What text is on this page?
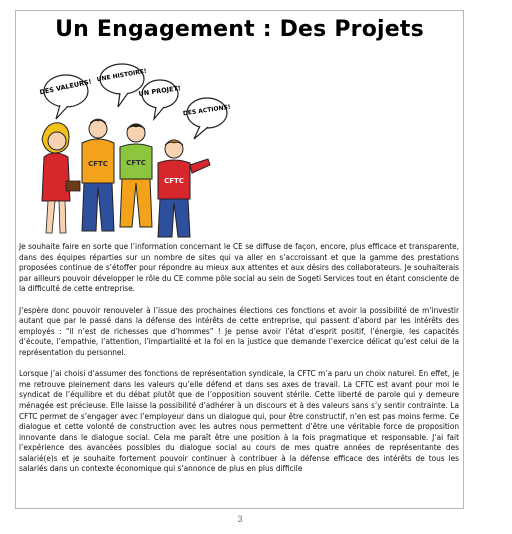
Un Engagement : Des Projets
DES VALEURS!
UNE HISTOIRE!
UN PROJET!
DES ACTIONS!
CFTC	CFTC
CFTC

Je souhaite faire en sorte que l’information concernant le CE se diffuse de façon, encore, plus efficace et transparente, dans des équipes réparties sur un nombre de sites qui va aller en s’accroissant et que la gamme des prestations proposées continue de s’étoffer pour répondre au mieux aux attentes et aux désirs des collaborateurs. Je souhaiterais par ailleurs pouvoir développer le rôle du CE comme pôle social au sein de Sogeti Services tout en étant consciente de la difficulté de cette entreprise.

J’espère donc pouvoir renouveler à l’issue des prochaines élections ces fonctions et avoir la possibilité de m’investir autant que par le passé dans la défense des intérêts de cette entreprise, qui passent d’abord par les intérêts des employés : “il n’est de richesses que d’hommes” ! Je pense avoir l’état d’esprit positif, l’énergie, les capacités d’écoute, l’empathie, l’attention, l’impartialité et la foi en la justice que demande l’exercice délicat qu’est celui de la représentation du personnel.

Lorsque j’ai choisi d’assumer des fonctions de représentation syndicale, la CFTC m’a paru un choix naturel. En effet, je me retrouve pleinement dans les valeurs qu’elle défend et dans ses axes de travail. La CFTC est avant pour moi le syndicat de l’équilibre et du débat plutôt que de l’opposition souvent stérile. Cette liberté de parole qui y demeure ménagée est précieuse. Elle laisse la possibilité d’adhérer à un discours et à des valeurs sans s’y sentir contrainte. La CFTC permet de s’engager avec l’employeur dans un dialogue qui, pour être constructif, n’en est pas moins ferme. Ce dialogue et cette volonté de construction avec les autres nous permettent d’être une véritable force de proposition innovante dans le dialogue social. Cela me paraît être une position à la fois pragmatique et responsable. J’ai fait l’expérience des avancées possibles du dialogue social au cours de mes quatre années de représentante des salarié(e)s et je souhaite fortement pouvoir continuer à contribuer à la défense efficace des intérêts de tous les salariés dans un contexte économique qui s’annonce de plus en plus difficile

3
